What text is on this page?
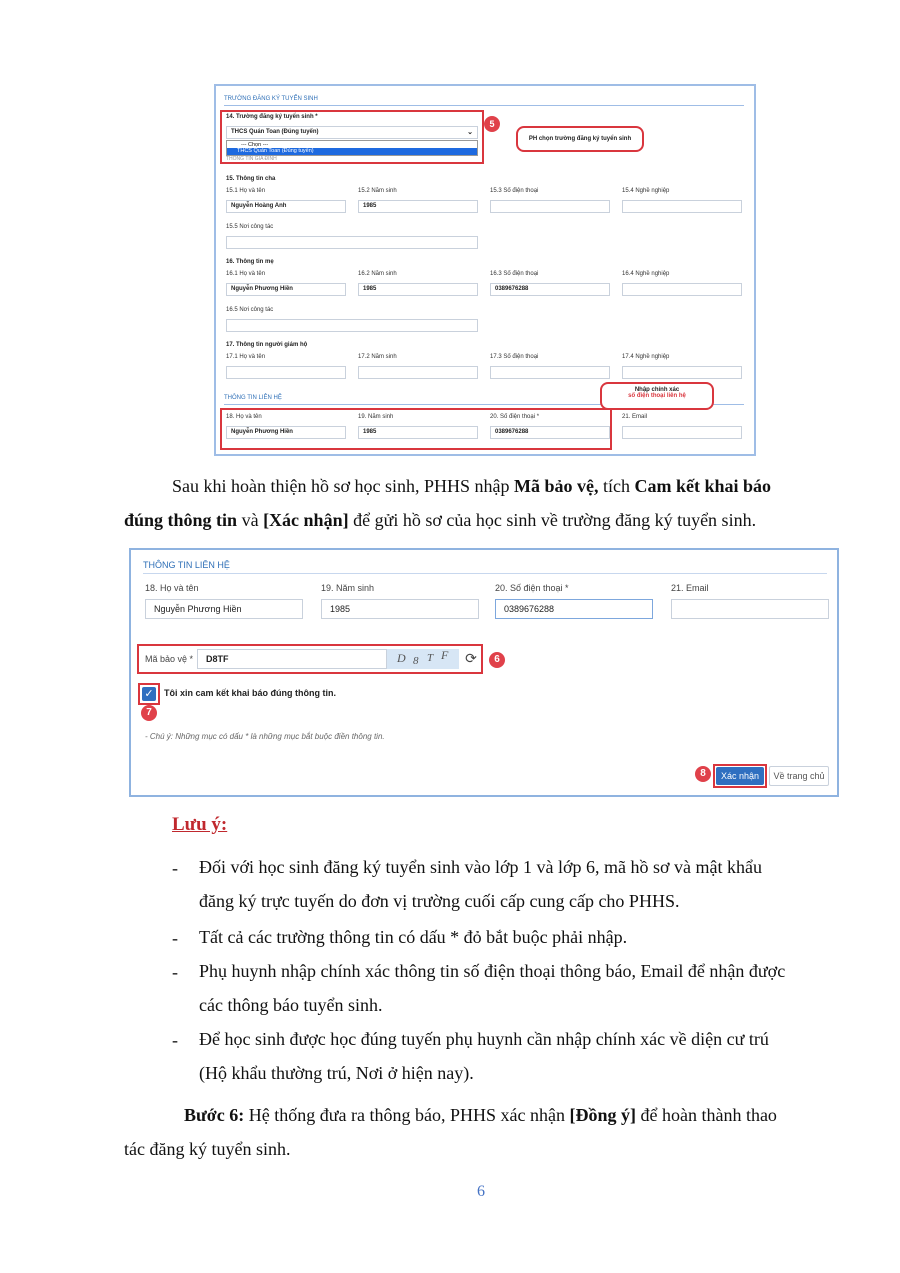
TRƯỜNG ĐĂNG KÝ TUYỂN SINH
14. Trường đăng ký tuyển sinh *
THCS Quán Toan (Đúng tuyến)	⌄
--- Chọn ---
THCS Quán Toan (Đúng tuyến)
THÔNG TIN GIA ĐÌNH
5
PH chọn trường đăng ký tuyển sinh
15. Thông tin cha
15.1 Họ và tên	15.2 Năm sinh	15.3 Số điện thoại	15.4 Nghề nghiệp
Nguyễn Hoàng Anh	1985
15.5 Nơi công tác
16. Thông tin mẹ
16.1 Họ và tên	16.2 Năm sinh	16.3 Số điện thoại	16.4 Nghề nghiệp
Nguyễn Phương Hiền	1985	0389676288
16.5 Nơi công tác
17. Thông tin người giám hộ
17.1 Họ và tên	17.2 Năm sinh	17.3 Số điện thoại	17.4 Nghề nghiệp
THÔNG TIN LIÊN HỆ
Nhập chính xác
số điện thoại liên hệ
18. Họ và tên	19. Năm sinh	20. Số điện thoại *	21. Email
Nguyễn Phương Hiền	1985	0389676288
Sau khi hoàn thiện hồ sơ học sinh, PHHS nhập Mã bảo vệ, tích Cam kết khai báo
đúng thông tin và [Xác nhận] để gửi hồ sơ của học sinh về trường đăng ký tuyển sinh.
THÔNG TIN LIÊN HỆ
18. Họ và tên	19. Năm sinh	20. Số điện thoại *	21. Email
Nguyễn Phương Hiền	1985	0389676288
Mã bảo vệ *	D8TF	D 8 T F ⟳	6
✓ Tôi xin cam kết khai báo đúng thông tin.
7
- Chú ý: Những mục có dấu * là những mục bắt buộc điền thông tin.
8	Xác nhận	Về trang chủ
Lưu ý:
- Đối với học sinh đăng ký tuyển sinh vào lớp 1 và lớp 6, mã hồ sơ và mật khẩu
đăng ký trực tuyến do đơn vị trường cuối cấp cung cấp cho PHHS.
- Tất cả các trường thông tin có dấu * đỏ bắt buộc phải nhập.
- Phụ huynh nhập chính xác thông tin số điện thoại thông báo, Email để nhận được
các thông báo tuyển sinh.
- Để học sinh được học đúng tuyến phụ huynh cần nhập chính xác về diện cư trú
(Hộ khẩu thường trú, Nơi ở hiện nay).
Bước 6: Hệ thống đưa ra thông báo, PHHS xác nhận [Đồng ý] để hoàn thành thao
tác đăng ký tuyển sinh.
6
